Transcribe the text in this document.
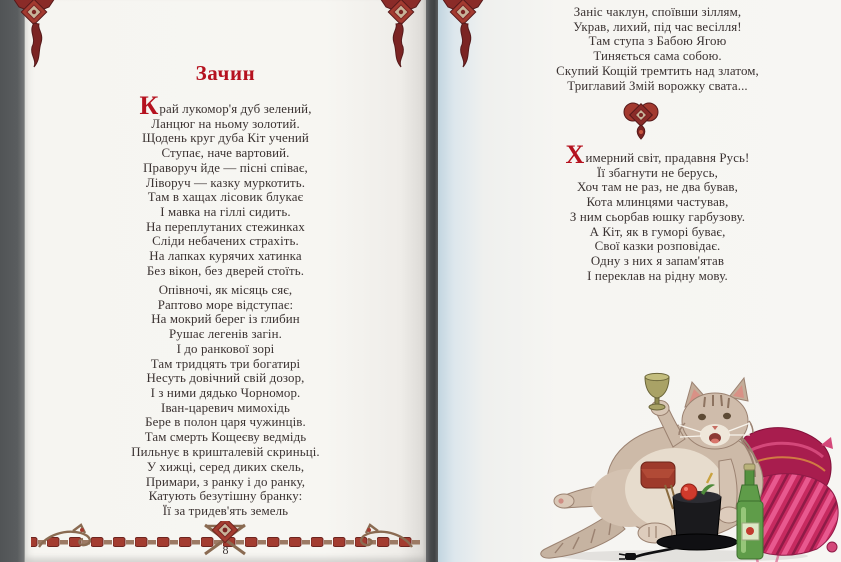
Зачин
Край лукомор'я дуб зелений,
Ланцюг на ньому золотий.
Щодень круг дуба Кіт учений
Ступає, наче вартовий.
Праворуч йде — пісні співає,
Ліворуч — казку муркотить.
Там в хащах лісовик блукає
І мавка на гіллі сидить.
На переплутаних стежинках
Сліди небачених страхіть.
На лапках курячих хатинка
Без вікон, без дверей стоїть.
Опівночі, як місяць сяє,
Раптово море відступає:
На мокрий берег із глибин
Рушає легенів загін.
І до ранкової зорі
Там тридцять три богатирі
Несуть довічний свій дозор,
І з ними дядько Чорномор.
Іван-царевич мимохідь
Бере в полон царя чужинців.
Там смерть Кощеєву ведмідь
Пильнує в кришталевій скриньці.
У хижці, серед диких скель,
Примари, з ранку і до ранку,
Катують безутішну бранку:
Її за тридев'ять земель
8
Заніс чаклун, споївши зіллям,
Украв, лихий, під час весілля!
Там ступа з Бабою Ягою
Тиняється сама собою.
Скупий Кощій тремтить над златом,
Триглавий Змій ворожку свата...
Химерний світ, прадавня Русь!
Її збагнути не берусь,
Хоч там не раз, не два бував,
Кота млинцями частував,
З ним сьорбав юшку гарбузову.
А Кіт, як в гуморі буває,
Свої казки розповідає.
Одну з них я запам'ятав
І переклав на рідну мову.
